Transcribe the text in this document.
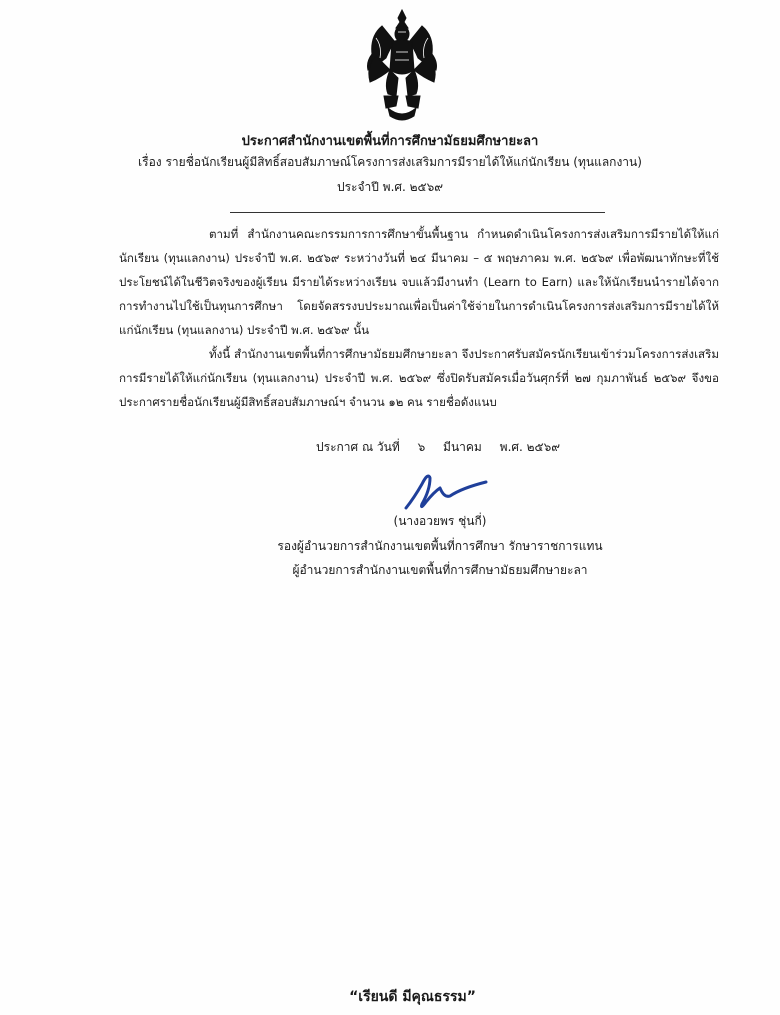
ประกาศสำนักงานเขตพื้นที่การศึกษามัธยมศึกษายะลา
เรื่อง รายชื่อนักเรียนผู้มีสิทธิ์สอบสัมภาษณ์โครงการส่งเสริมการมีรายได้ให้แก่นักเรียน (ทุนแลกงาน)
ประจำปี พ.ศ. ๒๕๖๙
ตามที่ สำนักงานคณะกรรมการการศึกษาขั้นพื้นฐาน กำหนดดำเนินโครงการส่งเสริมการมีรายได้ให้แก่นักเรียน (ทุนแลกงาน) ประจำปี พ.ศ. ๒๕๖๙ ระหว่างวันที่ ๒๔ มีนาคม – ๕ พฤษภาคม พ.ศ. ๒๕๖๙ เพื่อพัฒนาทักษะที่ใช้ประโยชน์ได้ในชีวิตจริงของผู้เรียน มีรายได้ระหว่างเรียน จบแล้วมีงานทำ (Learn to Earn) และให้นักเรียนนำรายได้จากการทำงานไปใช้เป็นทุนการศึกษา โดยจัดสรรงบประมาณเพื่อเป็นค่าใช้จ่ายในการดำเนินโครงการส่งเสริมการมีรายได้ให้แก่นักเรียน (ทุนแลกงาน) ประจำปี พ.ศ. ๒๕๖๙ นั้น
ทั้งนี้ สำนักงานเขตพื้นที่การศึกษามัธยมศึกษายะลา จึงประกาศรับสมัครนักเรียนเข้าร่วมโครงการส่งเสริมการมีรายได้ให้แก่นักเรียน (ทุนแลกงาน) ประจำปี พ.ศ. ๒๕๖๙ ซึ่งปิดรับสมัครเมื่อวันศุกร์ที่ ๒๗ กุมภาพันธ์ ๒๕๖๙ จึงขอประกาศรายชื่อนักเรียนผู้มีสิทธิ์สอบสัมภาษณ์ฯ จำนวน ๑๒ คน รายชื่อดังแนบ
ประกาศ ณ วันที่ ๖ มีนาคม พ.ศ. ๒๕๖๙
(นางอวยพร ชุ่นกี่)
รองผู้อำนวยการสำนักงานเขตพื้นที่การศึกษา รักษาราชการแทน
ผู้อำนวยการสำนักงานเขตพื้นที่การศึกษามัธยมศึกษายะลา
“เรียนดี มีคุณธรรม”
